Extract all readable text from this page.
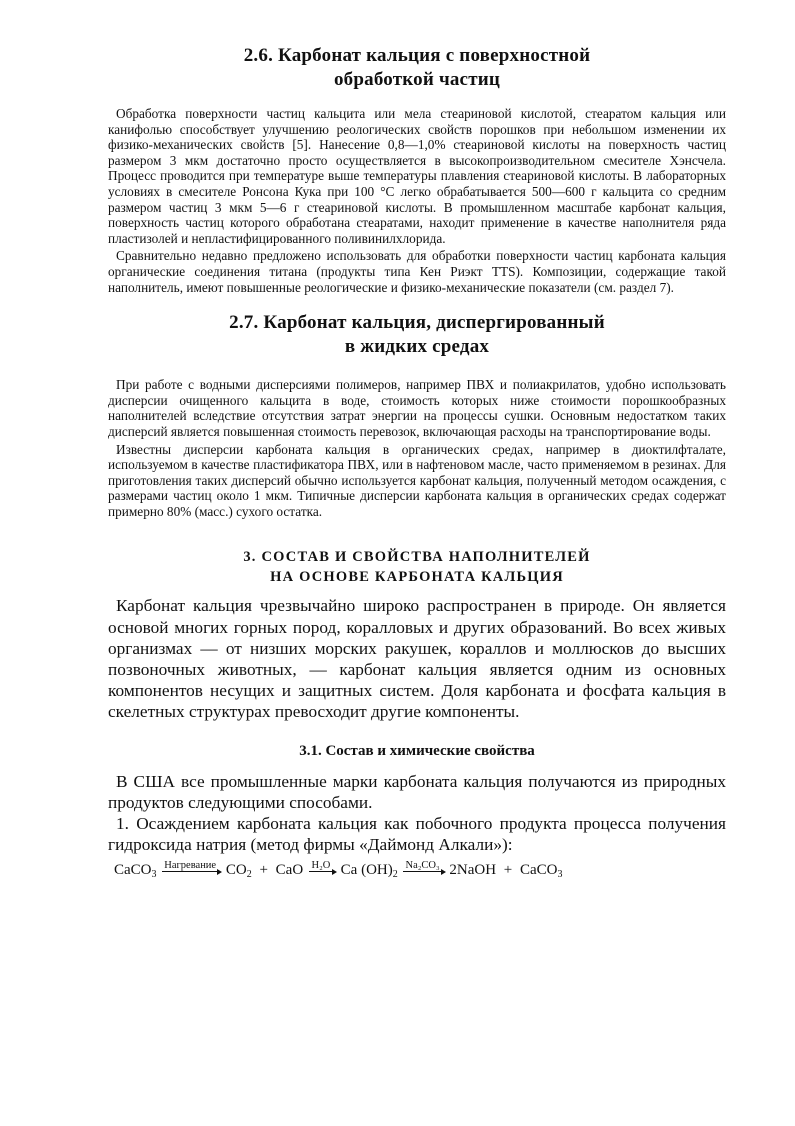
2.6. Карбонат кальция с поверхностной
обработкой частиц

Обработка поверхности частиц кальцита или мела стеариновой кислотой, стеаратом кальция или канифолью способствует улучшению реологических свойств порошков при небольшом изменении их физико-механических свойств [5]. Нанесение 0,8—1,0% стеариновой кислоты на поверхность частиц размером 3 мкм достаточно просто осуществляется в высокопроизводительном смесителе Хэнсчела. Процесс проводится при температуре выше температуры плавления стеариновой кислоты. В лабораторных условиях в смесителе Ронсона Кука при 100 °С легко обрабатывается 500—600 г кальцита со средним размером частиц 3 мкм 5—6 г стеариновой кислоты. В промышленном масштабе карбонат кальция, поверхность частиц которого обработана стеаратами, находит применение в качестве наполнителя ряда пластизолей и непластифицированного поливинилхлорида.

Сравнительно недавно предложено использовать для обработки поверхности частиц карбоната кальция органические соединения титана (продукты типа Кен Риэкт TTS). Композиции, содержащие такой наполнитель, имеют повышенные реологические и физико-механические показатели (см. раздел 7).

2.7. Карбонат кальция, диспергированный
в жидких средах

При работе с водными дисперсиями полимеров, например ПВХ и полиакрилатов, удобно использовать дисперсии очищенного кальцита в воде, стоимость которых ниже стоимости порошкообразных наполнителей вследствие отсутствия затрат энергии на процессы сушки. Основным недостатком таких дисперсий является повышенная стоимость перевозок, включающая расходы на транспортирование воды.

Известны дисперсии карбоната кальция в органических средах, например в диоктилфталате, используемом в качестве пластификатора ПВХ, или в нафтеновом масле, часто применяемом в резинах. Для приготовления таких дисперсий обычно используется карбонат кальция, полученный методом осаждения, с размерами частиц около 1 мкм. Типичные дисперсии карбоната кальция в органических средах содержат примерно 80% (масс.) сухого остатка.

3. СОСТАВ И СВОЙСТВА НАПОЛНИТЕЛЕЙ
НА ОСНОВЕ КАРБОНАТА КАЛЬЦИЯ

Карбонат кальция чрезвычайно широко распространен в природе. Он является основой многих горных пород, коралловых и других образований. Во всех живых организмах — от низших морских ракушек, кораллов и моллюсков до высших позвоночных животных, — карбонат кальция является одним из основных компонентов несущих и защитных систем. Доля карбоната и фосфата кальция в скелетных структурах превосходит другие компоненты.

3.1. Состав и химические свойства

В США все промышленные марки карбоната кальция получаются из природных продуктов следующими способами.

1. Осаждением карбоната кальция как побочного продукта процесса получения гидроксида натрия (метод фирмы «Даймонд Алкали»):

CaCO$_3$ Нагревание $CO_2$ + CaO H₂O Ca $(OH)_2$ Na₂CO₃ 2NaOH + CaCO$_3$
